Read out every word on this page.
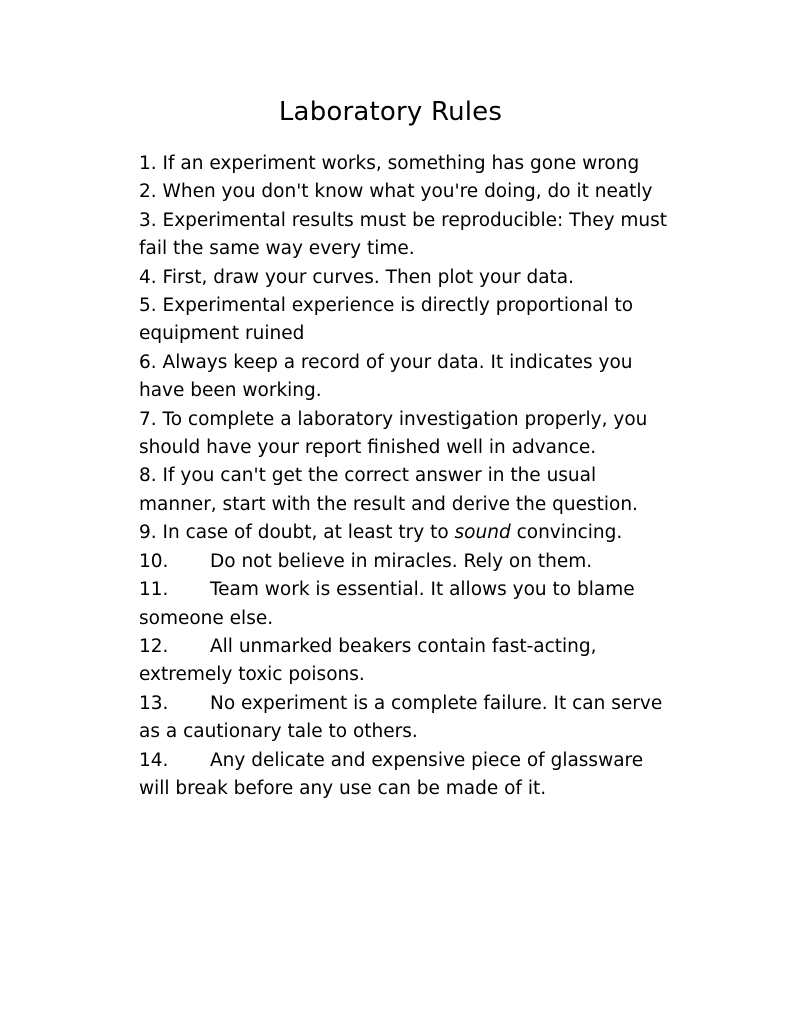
Laboratory Rules

1. If an experiment works, something has gone wrong

2. When you don't know what you're doing, do it neatly

3. Experimental results must be reproducible: They must fail the same way every time.

4. First, draw your curves. Then plot your data.

5. Experimental experience is directly proportional to equipment ruined

6. Always keep a record of your data. It indicates you have been working.

7. To complete a laboratory investigation properly, you should have your report finished well in advance.

8. If you can't get the correct answer in the usual manner, start with the result and derive the question.

9. In case of doubt, at least try to sound convincing.

10. Do not believe in miracles. Rely on them.

11. Team work is essential. It allows you to blame someone else.

12. All unmarked beakers contain fast-acting, extremely toxic poisons.

13. No experiment is a complete failure. It can serve as a cautionary tale to others.

14. Any delicate and expensive piece of glassware will break before any use can be made of it.
